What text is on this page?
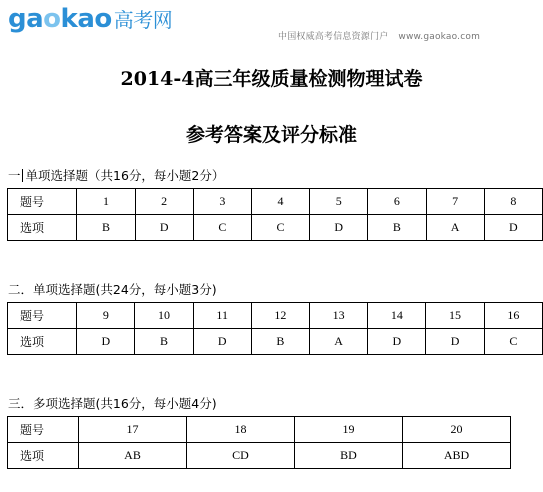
gaokao 高考网
中国权威高考信息资源门户 www.gaokao.com
2014-4高三年级质量检测物理试卷
参考答案及评分标准
一 单项选择题（共16分，每小题2分）
题号	1	2	3	4	5	6	7	8
选项	B	D	C	C	D	B	A	D
二．单项选择题(共24分，每小题3分)
题号	9	10	11	12	13	14	15	16
选项	D	B	D	B	A	D	D	C
三．多项选择题(共16分，每小题4分)
题号	17	18	19	20
选项	AB	CD	BD	ABD
